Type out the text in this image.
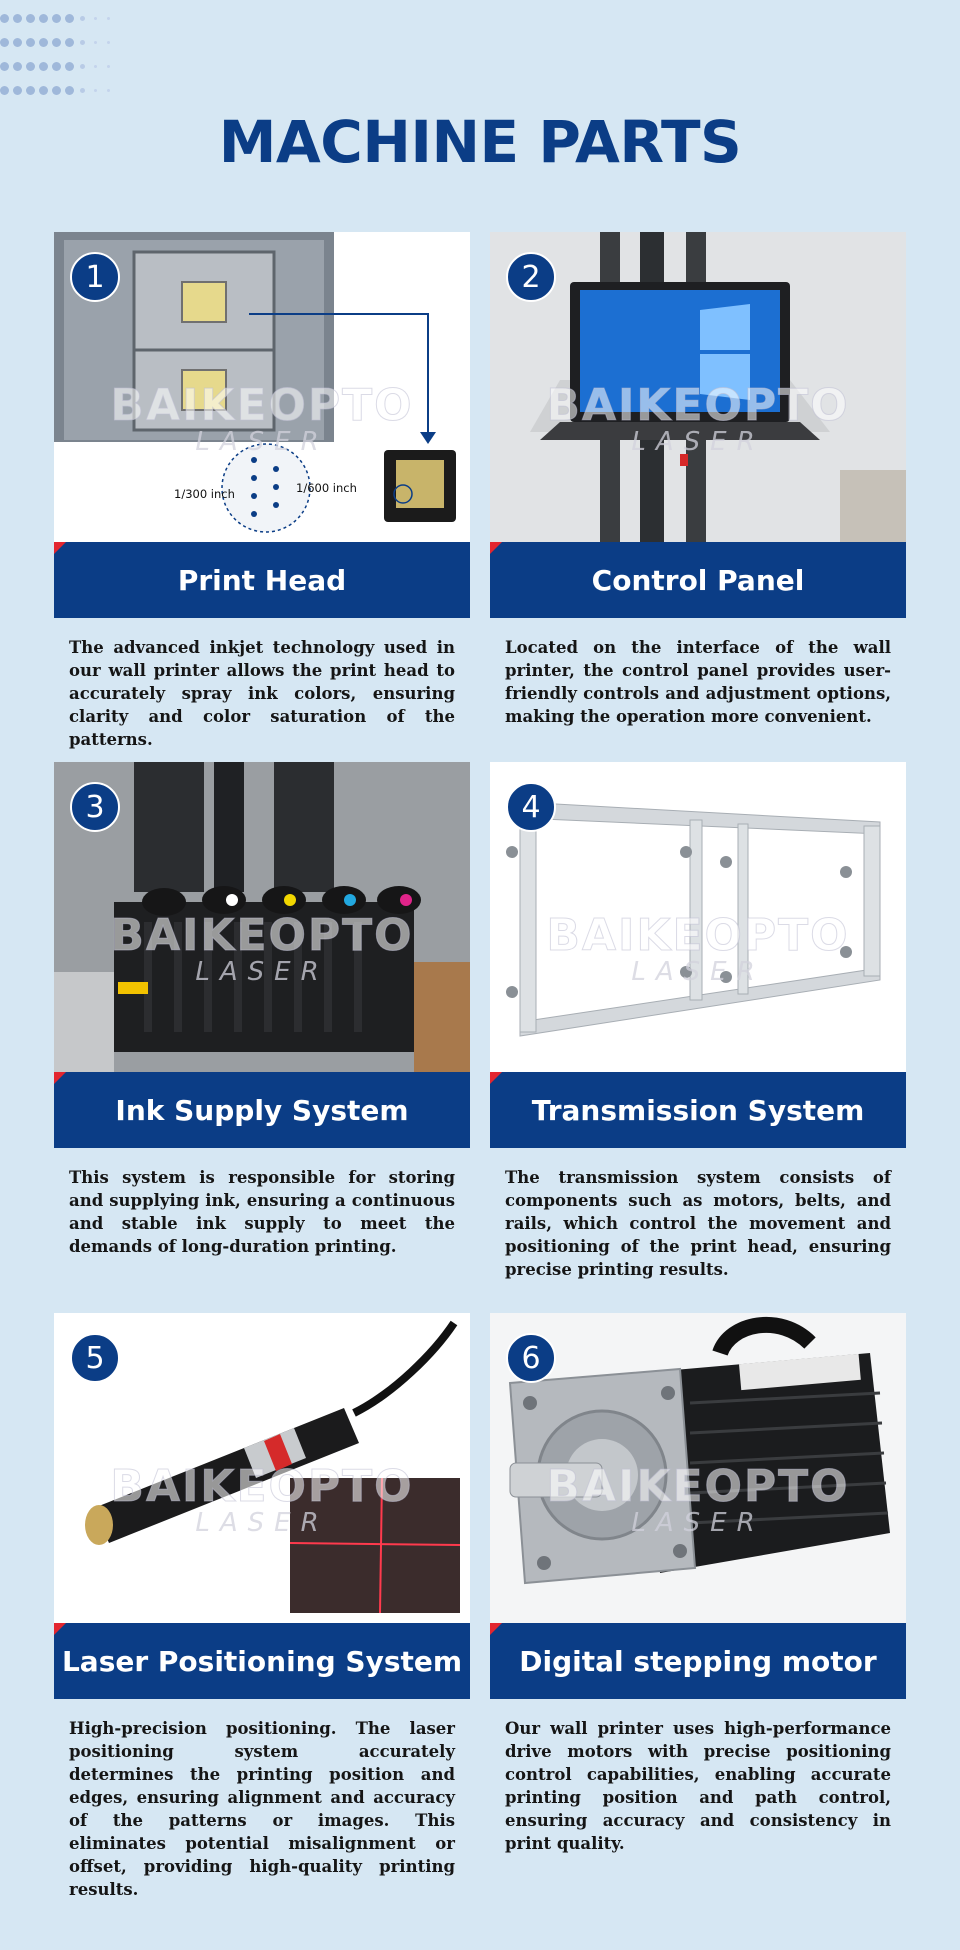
MACHINE PARTS
1/300 inch	1/600 inch
BAIKEOPTO
LASER
1
Print Head

The advanced inkjet technology used in our wall printer allows the print head to accurately spray ink colors, ensuring clarity and color saturation of the patterns.

BAIKEOPTO
LASER
2
Control Panel

Located on the interface of the wall printer, the control panel provides user-friendly controls and adjustment options, making the operation more convenient.

BAIKEOPTO
LASER
3
Ink Supply System

This system is responsible for storing and supplying ink, ensuring a continuous and stable ink supply to meet the demands of long-duration printing.

BAIKEOPTO
LASER
4
Transmission System

The transmission system consists of components such as motors, belts, and rails, which control the movement and positioning of the print head, ensuring precise printing results.

BAIKEOPTO
LASER
5
Laser Positioning System

High-precision positioning. The laser positioning system accurately determines the printing position and edges, ensuring alignment and accuracy of the patterns or images. This eliminates potential misalignment or offset, providing high-quality printing results.

BAIKEOPTO
LASER
6
Digital stepping motor

Our wall printer uses high-performance drive motors with precise positioning control capabilities, enabling accurate printing position and path control, ensuring accuracy and consistency in print quality.
